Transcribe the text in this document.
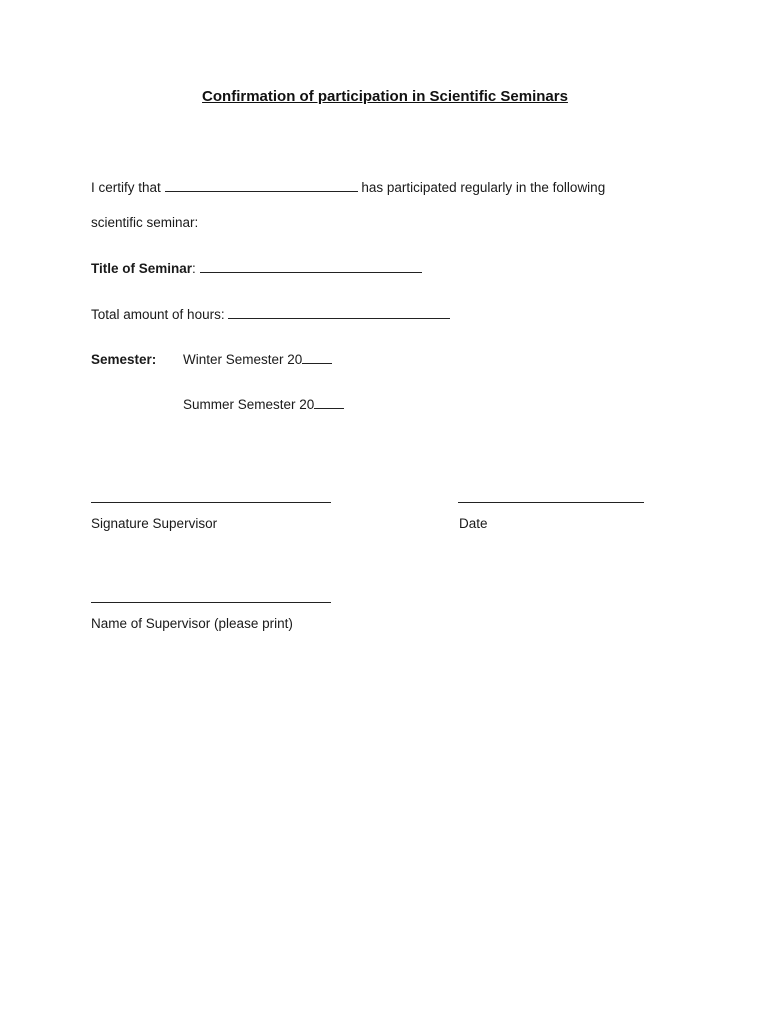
Confirmation of participation in Scientific Seminars
I certify that	has participated regularly in the following
scientific seminar:
Title of Seminar:
Total amount of hours:
Semester: Winter Semester 20
Summer Semester 20
Signature Supervisor	Date
Name of Supervisor (please print)
